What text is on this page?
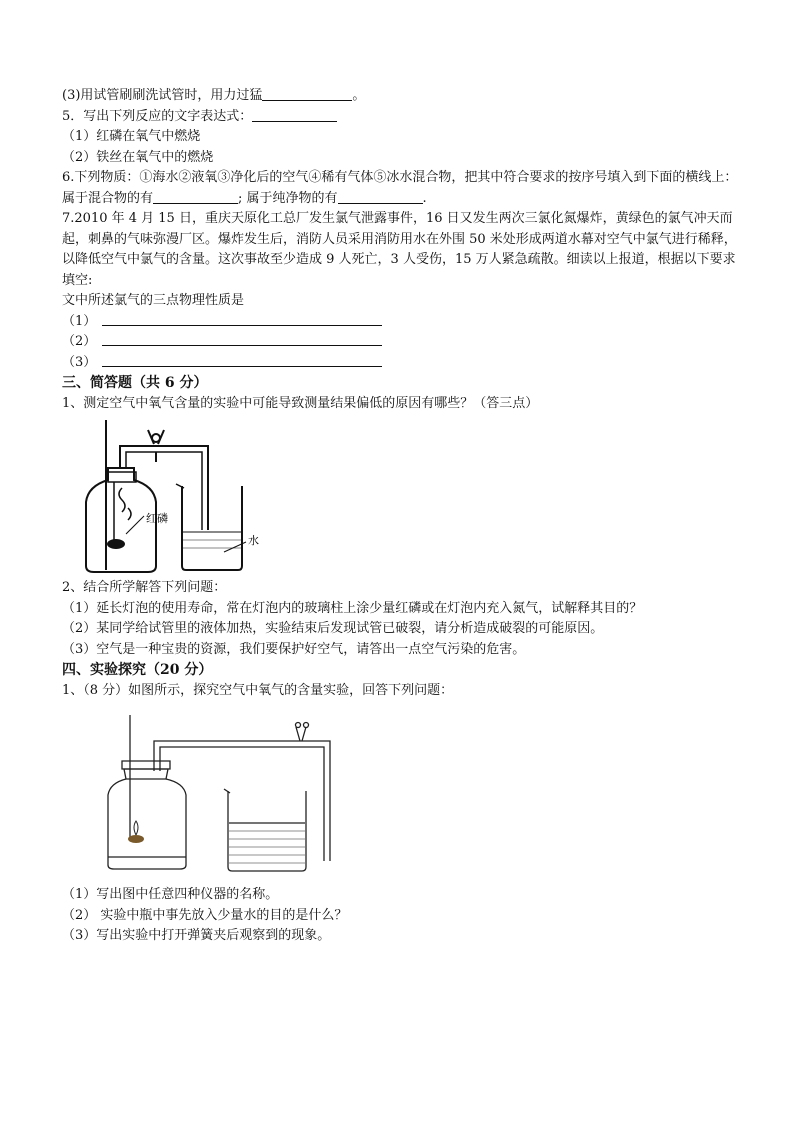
(3)用试管刷刷洗试管时，用力过猛	。
5．写出下列反应的文字表达式：
（1）红磷在氧气中燃烧
（2）铁丝在氧气中的燃烧
6.下列物质：①海水②液氧③净化后的空气④稀有气体⑤冰水混合物，把其中符合要求的按序号填入到下面的横线上：
属于混合物的有	; 属于纯净物的有	.
7.2010 年 4 月 15 日，重庆天原化工总厂发生氯气泄露事件，16 日又发生两次三氯化氮爆炸，黄绿色的氯气冲天而起，刺鼻的气味弥漫厂区。爆炸发生后，消防人员采用消防用水在外围 50 米处形成两道水幕对空气中氯气进行稀释，以降低空气中氯气的含量。这次事故至少造成 9 人死亡，3 人受伤，15 万人紧急疏散。细读以上报道，根据以下要求填空:
文中所述氯气的三点物理性质是
（1）
（2）
（3）
三、简答题（共 6 分）
1、测定空气中氧气含量的实验中可能导致测量结果偏低的原因有哪些？（答三点）
红磷
水
2、结合所学解答下列问题：
（1）延长灯泡的使用寿命，常在灯泡内的玻璃柱上涂少量红磷或在灯泡内充入氮气，试解释其目的？
（2）某同学给试管里的液体加热，实验结束后发现试管已破裂，请分析造成破裂的可能原因。
（3）空气是一种宝贵的资源，我们要保护好空气，请答出一点空气污染的危害。
四、实验探究（20 分）
1、（8 分）如图所示，探究空气中氧气的含量实验，回答下列问题：
（1）写出图中任意四种仪器的名称。
（2） 实验中瓶中事先放入少量水的目的是什么？
（3）写出实验中打开弹簧夹后观察到的现象。
